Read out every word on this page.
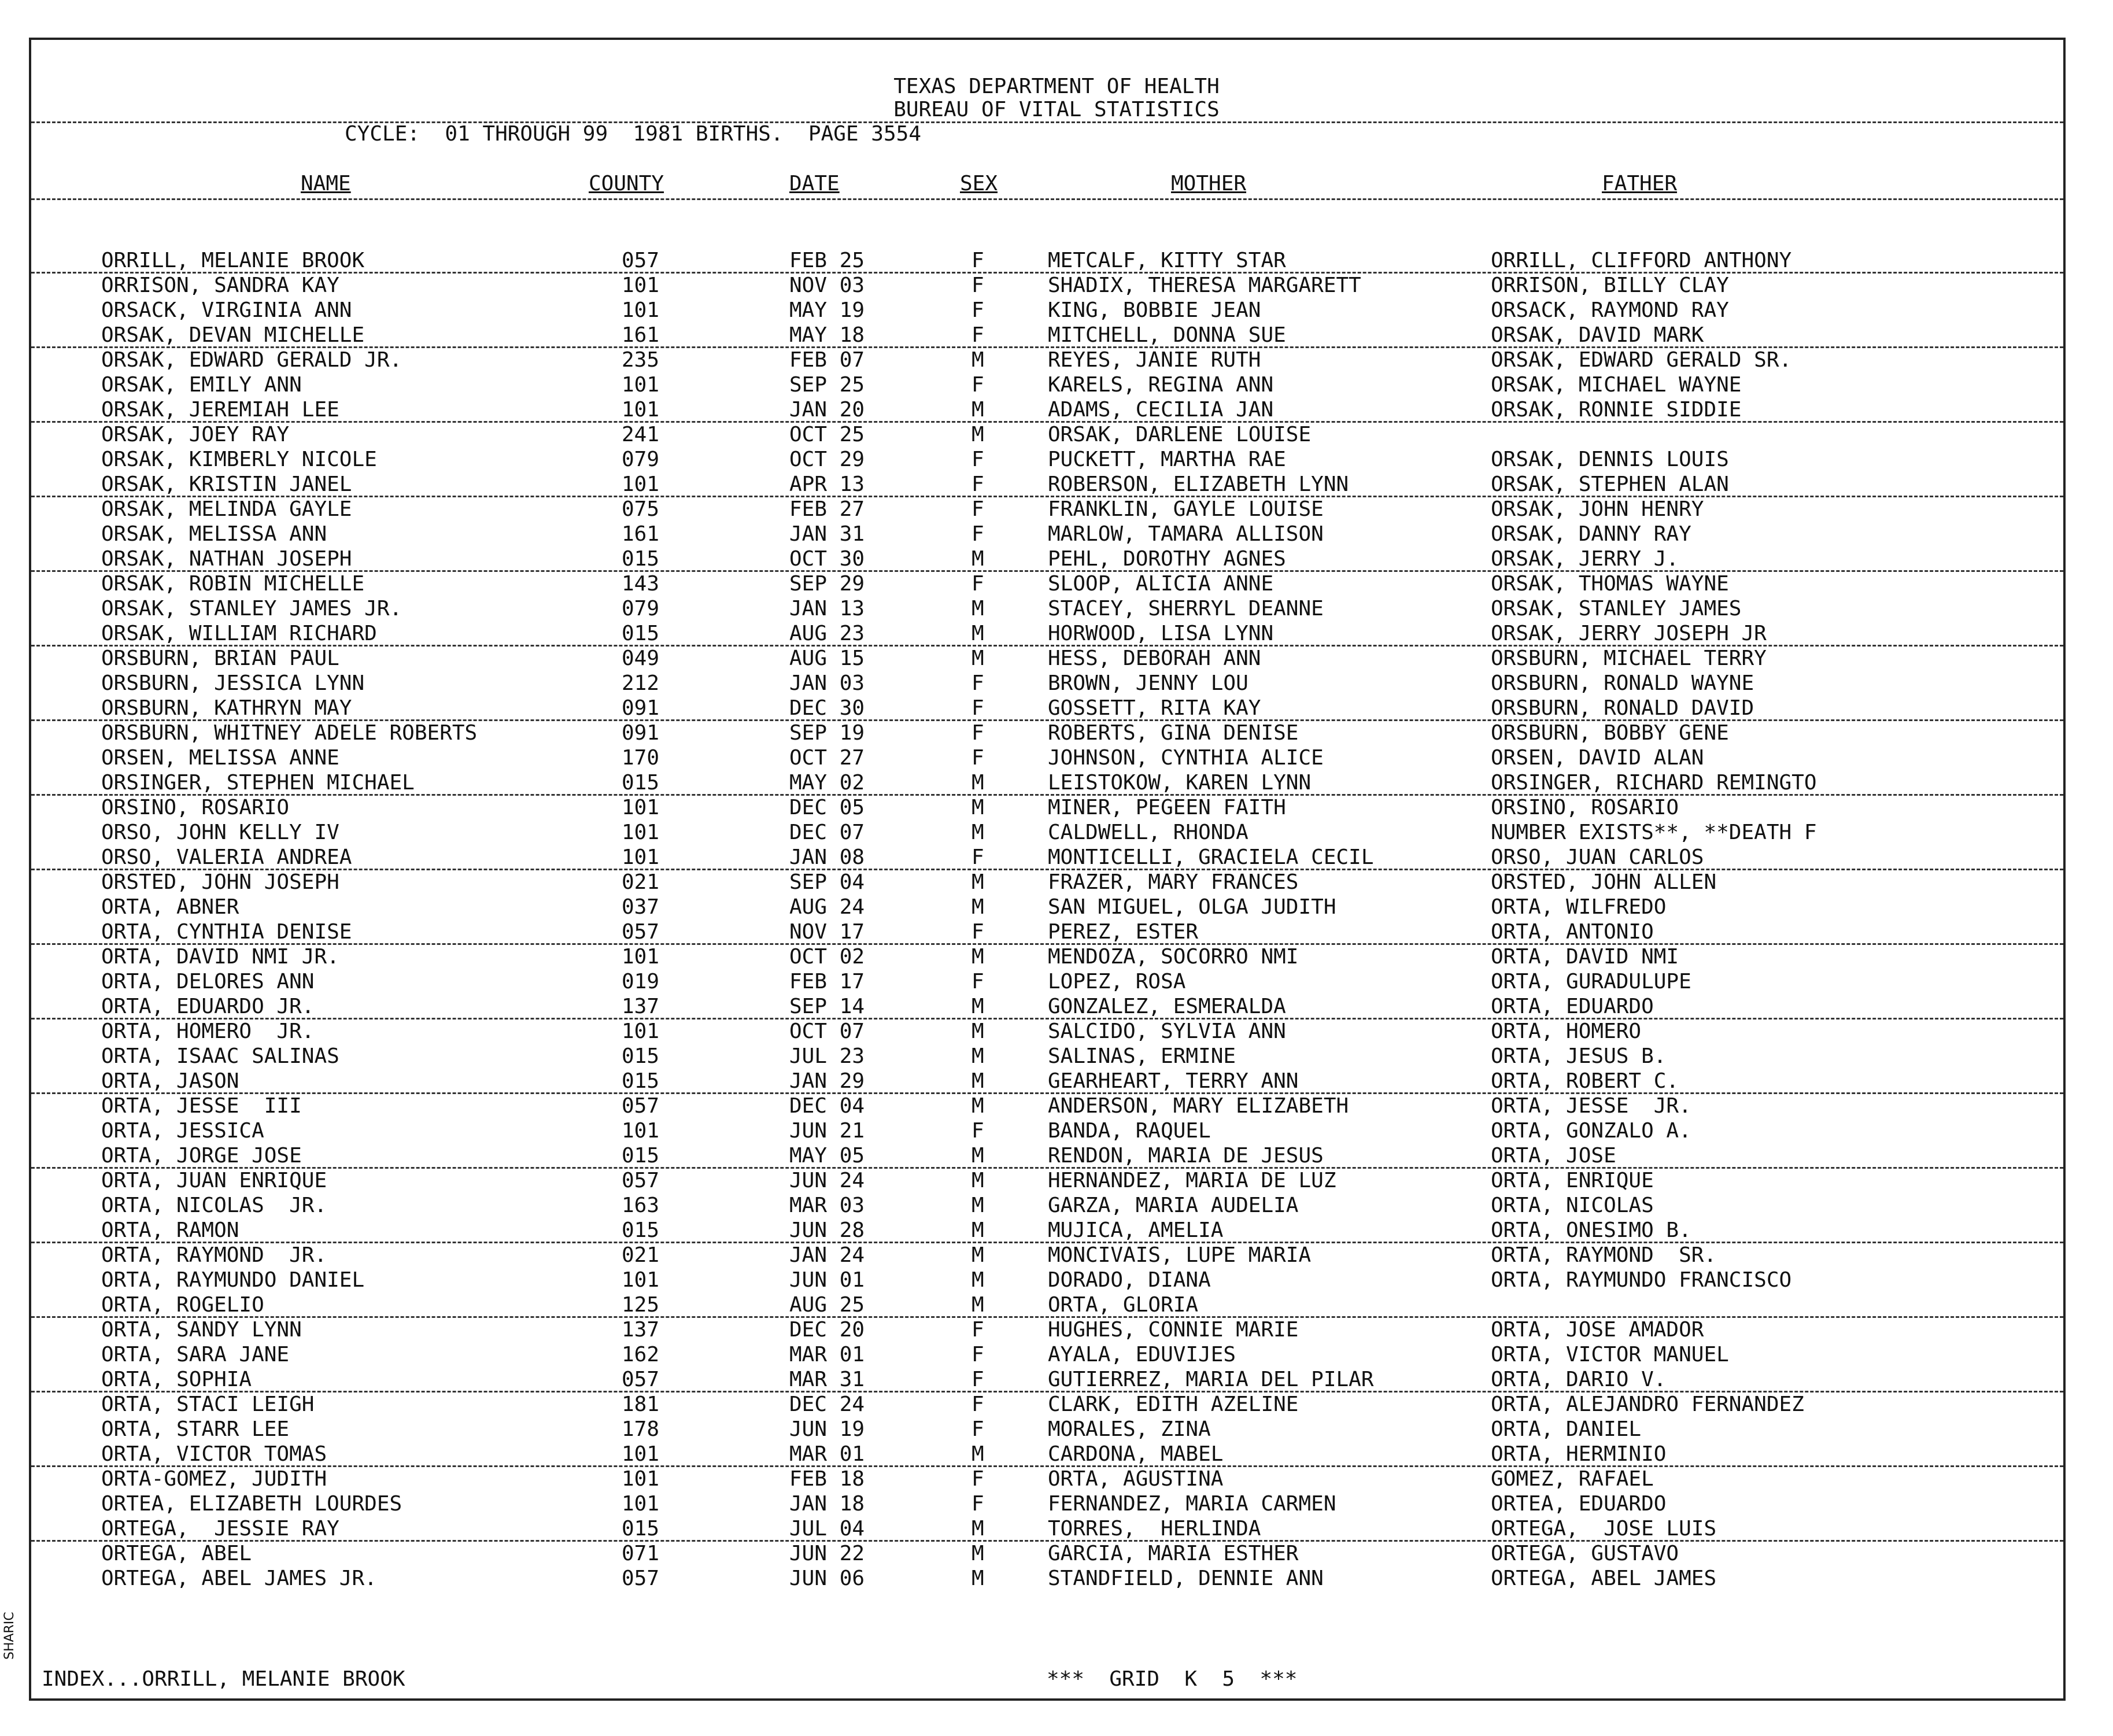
TEXAS DEPARTMENT OF HEALTH
BUREAU OF VITAL STATISTICS
CYCLE:  01 THROUGH 99  1981 BIRTHS.  PAGE 3554
NAME	COUNTY	DATE	SEX	MOTHER	FATHER
ORRILL, MELANIE BROOK	057	FEB 25	F	METCALF, KITTY STAR	ORRILL, CLIFFORD ANTHONY
ORRISON, SANDRA KAY	101	NOV 03	F	SHADIX, THERESA MARGARETT	ORRISON, BILLY CLAY
ORSACK, VIRGINIA ANN	101	MAY 19	F	KING, BOBBIE JEAN	ORSACK, RAYMOND RAY
ORSAK, DEVAN MICHELLE	161	MAY 18	F	MITCHELL, DONNA SUE	ORSAK, DAVID MARK
ORSAK, EDWARD GERALD JR.	235	FEB 07	M	REYES, JANIE RUTH	ORSAK, EDWARD GERALD SR.
ORSAK, EMILY ANN	101	SEP 25	F	KARELS, REGINA ANN	ORSAK, MICHAEL WAYNE
ORSAK, JEREMIAH LEE	101	JAN 20	M	ADAMS, CECILIA JAN	ORSAK, RONNIE SIDDIE
ORSAK, JOEY RAY	241	OCT 25	M	ORSAK, DARLENE LOUISE
ORSAK, KIMBERLY NICOLE	079	OCT 29	F	PUCKETT, MARTHA RAE	ORSAK, DENNIS LOUIS
ORSAK, KRISTIN JANEL	101	APR 13	F	ROBERSON, ELIZABETH LYNN	ORSAK, STEPHEN ALAN
ORSAK, MELINDA GAYLE	075	FEB 27	F	FRANKLIN, GAYLE LOUISE	ORSAK, JOHN HENRY
ORSAK, MELISSA ANN	161	JAN 31	F	MARLOW, TAMARA ALLISON	ORSAK, DANNY RAY
ORSAK, NATHAN JOSEPH	015	OCT 30	M	PEHL, DOROTHY AGNES	ORSAK, JERRY J.
ORSAK, ROBIN MICHELLE	143	SEP 29	F	SLOOP, ALICIA ANNE	ORSAK, THOMAS WAYNE
ORSAK, STANLEY JAMES JR.	079	JAN 13	M	STACEY, SHERRYL DEANNE	ORSAK, STANLEY JAMES
ORSAK, WILLIAM RICHARD	015	AUG 23	M	HORWOOD, LISA LYNN	ORSAK, JERRY JOSEPH JR
ORSBURN, BRIAN PAUL	049	AUG 15	M	HESS, DEBORAH ANN	ORSBURN, MICHAEL TERRY
ORSBURN, JESSICA LYNN	212	JAN 03	F	BROWN, JENNY LOU	ORSBURN, RONALD WAYNE
ORSBURN, KATHRYN MAY	091	DEC 30	F	GOSSETT, RITA KAY	ORSBURN, RONALD DAVID
ORSBURN, WHITNEY ADELE ROBERTS	091	SEP 19	F	ROBERTS, GINA DENISE	ORSBURN, BOBBY GENE
ORSEN, MELISSA ANNE	170	OCT 27	F	JOHNSON, CYNTHIA ALICE	ORSEN, DAVID ALAN
ORSINGER, STEPHEN MICHAEL	015	MAY 02	M	LEISTOKOW, KAREN LYNN	ORSINGER, RICHARD REMINGTO
ORSINO, ROSARIO	101	DEC 05	M	MINER, PEGEEN FAITH	ORSINO, ROSARIO
ORSO, JOHN KELLY IV	101	DEC 07	M	CALDWELL, RHONDA	NUMBER EXISTS**, **DEATH F
ORSO, VALERIA ANDREA	101	JAN 08	F	MONTICELLI, GRACIELA CECIL	ORSO, JUAN CARLOS
ORSTED, JOHN JOSEPH	021	SEP 04	M	FRAZER, MARY FRANCES	ORSTED, JOHN ALLEN
ORTA, ABNER	037	AUG 24	M	SAN MIGUEL, OLGA JUDITH	ORTA, WILFREDO
ORTA, CYNTHIA DENISE	057	NOV 17	F	PEREZ, ESTER	ORTA, ANTONIO
ORTA, DAVID NMI JR.	101	OCT 02	M	MENDOZA, SOCORRO NMI	ORTA, DAVID NMI
ORTA, DELORES ANN	019	FEB 17	F	LOPEZ, ROSA	ORTA, GURADULUPE
ORTA, EDUARDO JR.	137	SEP 14	M	GONZALEZ, ESMERALDA	ORTA, EDUARDO
ORTA, HOMERO  JR.	101	OCT 07	M	SALCIDO, SYLVIA ANN	ORTA, HOMERO
ORTA, ISAAC SALINAS	015	JUL 23	M	SALINAS, ERMINE	ORTA, JESUS B.
ORTA, JASON	015	JAN 29	M	GEARHEART, TERRY ANN	ORTA, ROBERT C.
ORTA, JESSE  III	057	DEC 04	M	ANDERSON, MARY ELIZABETH	ORTA, JESSE  JR.
ORTA, JESSICA	101	JUN 21	F	BANDA, RAQUEL	ORTA, GONZALO A.
ORTA, JORGE JOSE	015	MAY 05	M	RENDON, MARIA DE JESUS	ORTA, JOSE
ORTA, JUAN ENRIQUE	057	JUN 24	M	HERNANDEZ, MARIA DE LUZ	ORTA, ENRIQUE
ORTA, NICOLAS  JR.	163	MAR 03	M	GARZA, MARIA AUDELIA	ORTA, NICOLAS
ORTA, RAMON	015	JUN 28	M	MUJICA, AMELIA	ORTA, ONESIMO B.
ORTA, RAYMOND  JR.	021	JAN 24	M	MONCIVAIS, LUPE MARIA	ORTA, RAYMOND  SR.
ORTA, RAYMUNDO DANIEL	101	JUN 01	M	DORADO, DIANA	ORTA, RAYMUNDO FRANCISCO
ORTA, ROGELIO	125	AUG 25	M	ORTA, GLORIA
ORTA, SANDY LYNN	137	DEC 20	F	HUGHES, CONNIE MARIE	ORTA, JOSE AMADOR
ORTA, SARA JANE	162	MAR 01	F	AYALA, EDUVIJES	ORTA, VICTOR MANUEL
ORTA, SOPHIA	057	MAR 31	F	GUTIERREZ, MARIA DEL PILAR	ORTA, DARIO V.
ORTA, STACI LEIGH	181	DEC 24	F	CLARK, EDITH AZELINE	ORTA, ALEJANDRO FERNANDEZ
ORTA, STARR LEE	178	JUN 19	F	MORALES, ZINA	ORTA, DANIEL
ORTA, VICTOR TOMAS	101	MAR 01	M	CARDONA, MABEL	ORTA, HERMINIO
ORTA-GOMEZ, JUDITH	101	FEB 18	F	ORTA, AGUSTINA	GOMEZ, RAFAEL
ORTEA, ELIZABETH LOURDES	101	JAN 18	F	FERNANDEZ, MARIA CARMEN	ORTEA, EDUARDO
ORTEGA,  JESSIE RAY	015	JUL 04	M	TORRES,  HERLINDA	ORTEGA,  JOSE LUIS
ORTEGA, ABEL	071	JUN 22	M	GARCIA, MARIA ESTHER	ORTEGA, GUSTAVO
ORTEGA, ABEL JAMES JR.	057	JUN 06	M	STANDFIELD, DENNIE ANN	ORTEGA, ABEL JAMES
INDEX...ORRILL, MELANIE BROOK	***  GRID  K  5  ***
SHARIC
